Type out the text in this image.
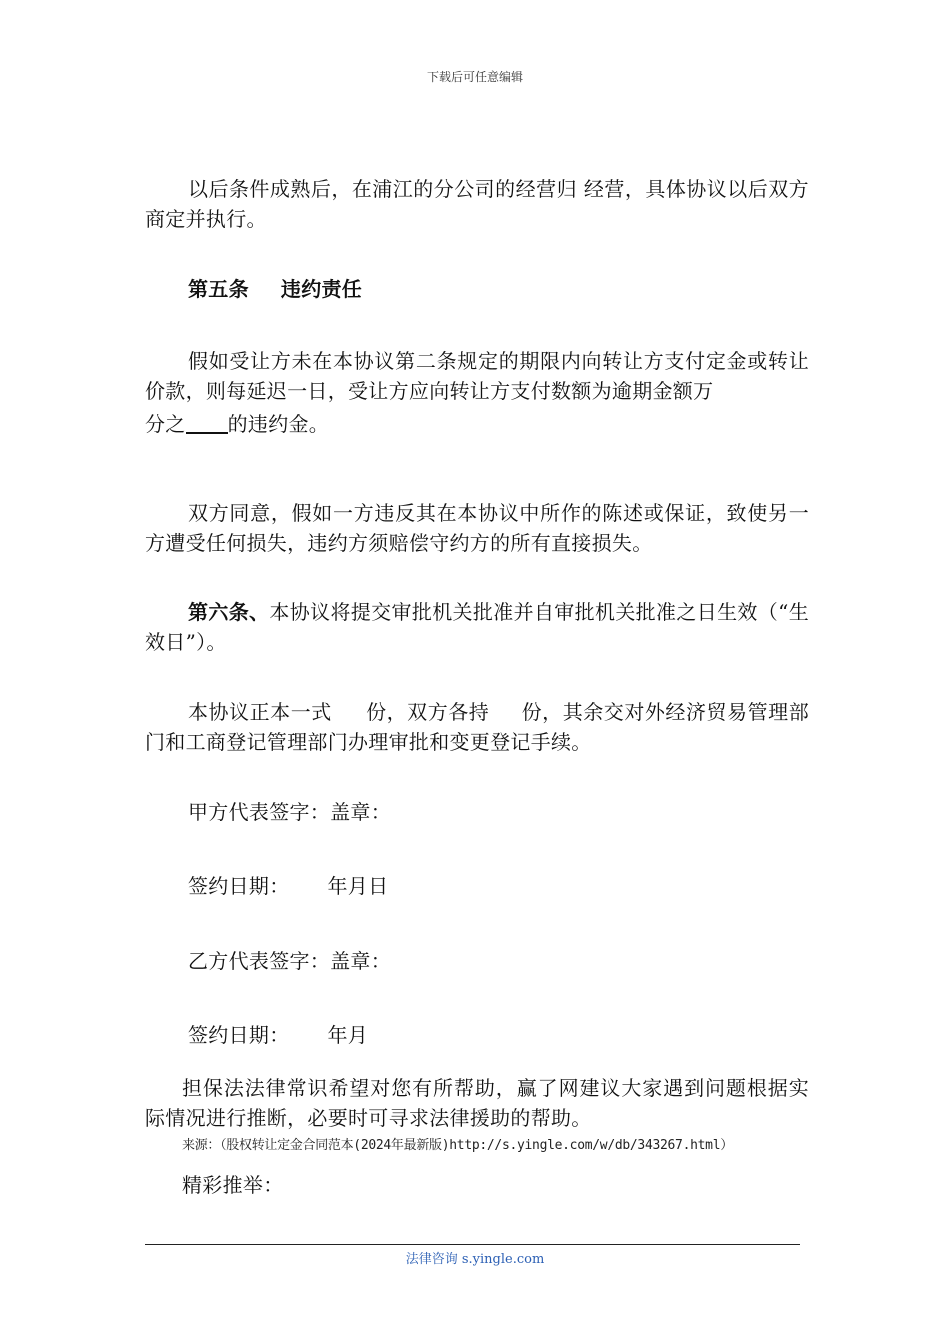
下载后可任意编辑
以后条件成熟后，在浦江的分公司的经营归 经营，具体协议以后双方商定并执行。
第五条 违约责任
假如受让方未在本协议第二条规定的期限内向转让方支付定金或转让价款，则每延迟一日，受让方应向转让方支付数额为逾期金额万
分之 的违约金。
双方同意，假如一方违反其在本协议中所作的陈述或保证，致使另一方遭受任何损失，违约方须赔偿守约方的所有直接损失。
第六条、本协议将提交审批机关批准并自审批机关批准之日生效（“生效日”）。
本协议正本一式 份，双方各持 份，其余交对外经济贸易管理部门和工商登记管理部门办理审批和变更登记手续。
甲方代表签字：盖章：
签约日期： 年月日
乙方代表签字：盖章：
签约日期： 年月
担保法法律常识希望对您有所帮助，赢了网建议大家遇到问题根据实际情况进行推断，必要时可寻求法律援助的帮助。
来源：（股权转让定金合同范本(2024年最新版)http://s.yingle.com/w/db/343267.html）
精彩推举：
法律咨询 s.yingle.com
